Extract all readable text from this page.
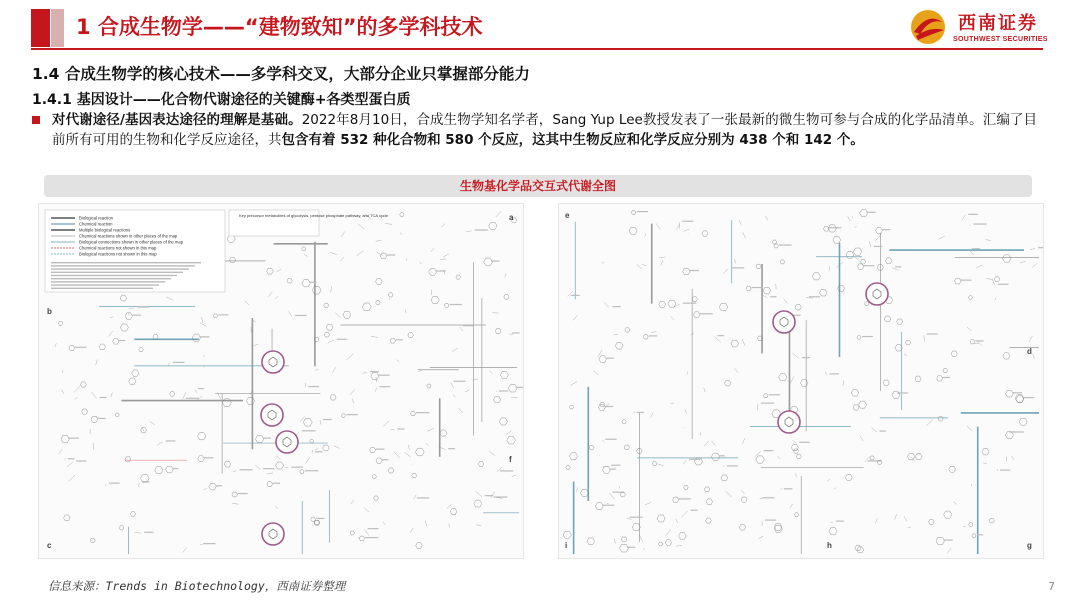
1 合成生物学——“建物致知”的多学科技术	西南证券
SOUTHWEST SECURITIES
1.4 合成生物学的核心技术——多学科交叉，大部分企业只掌握部分能力
1.4.1 基因设计——化合物代谢途径的关键酶+各类型蛋白质
对代谢途径/基因表达途径的理解是基础。2022年8月10日，合成生物学知名学者，Sang Yup Lee教授发表了一张最新的微生物可参与合成的化学品清单。汇编了目前所有可用的生物和化学反应途径，共包含有着 532 种化合物和 580 个反应，这其中生物反应和化学反应分别为 438 个和 142 个。
生物基化学品交互式代谢全图
Biological reaction
Chemical reaction
Multiple biological reactions
Chemical reactions shown in other places of the map
Biological connections shown in other places of the map
Chemical reactions not shown in this map
Biological reactions not shown in this map
Key precursor metabolites of glycolysis, pentose phosphate pathway, and TCA cycle	a
b
c
f
e
d
i	h	g
信息来源：Trends in Biotechnology，西南证券整理	7
